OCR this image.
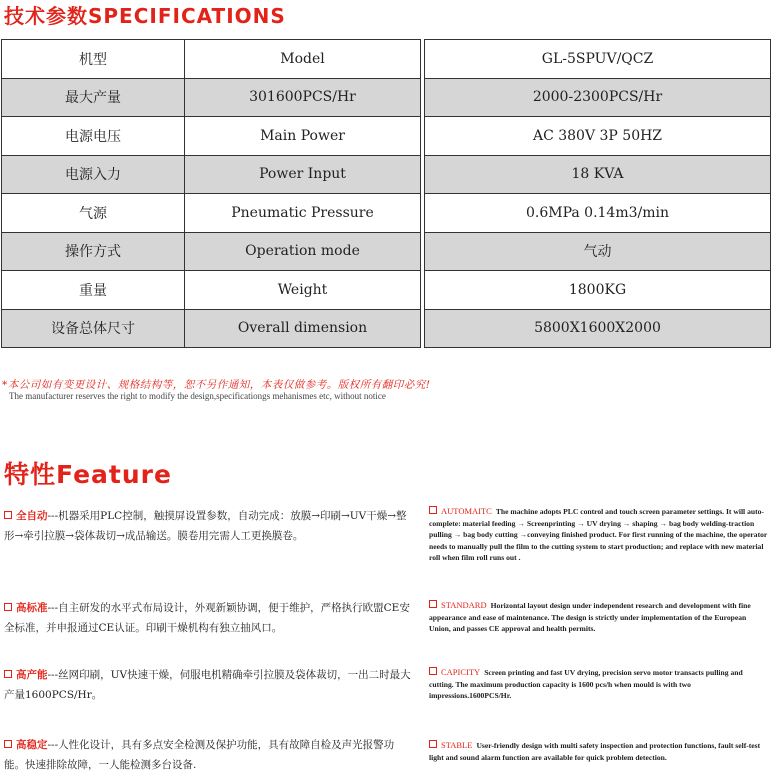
技术参数SPECIFICATIONS
机型	Model		GL-5SPUV/QCZ
最大产量	301600PCS/Hr		2000-2300PCS/Hr
电源电压	Main Power		AC 380V 3P 50HZ
电源入力	Power Input		18 KVA
气源	Pneumatic Pressure		0.6MPa 0.14m3/min
操作方式	Operation mode		气动
重量	Weight		1800KG
设备总体尺寸	Overall dimension		5800X1600X2000
*本公司如有变更设计、规格结构等，恕不另作通知，本表仅做参考。版权所有翻印必究!
The manufacturer reserves the right to modify the design,specificationgs mehanismes etc, without notice
特性Feature
全自动---机器采用PLC控制，触摸屏设置参数，自动完成：放膜→印刷→UV干燥→整形→牵引拉膜→袋体裁切→成品输送。膜卷用完需人工更换膜卷。
AUTOMAITC The machine adopts PLC control and touch screen parameter settings. It will auto-complete: material feeding → Screenprinting → UV drying → shaping → bag body welding-traction pulling → bag body cutting →conveying finished product. For first running of the machine, the operator needs to manually pull the film to the cutting system to start production; and replace with new material roll when film roll runs out .
高标准---自主研发的水平式布局设计，外观新颖协调，便于维护，严格执行欧盟CE安全标准，并申报通过CE认证。印刷干燥机构有独立抽风口。
STANDARD Horizontal layout design under independent research and development with fine appearance and ease of maintenance. The design is strictly under implementation of the European Union, and passes CE approval and health permits.
高产能---丝网印刷，UV快速干燥，伺服电机精确牵引拉膜及袋体裁切，一出二时最大产量1600PCS/Hr。
CAPICITY Screen printing and fast UV drying, precision servo motor transacts pulling and cutting. The maximum production capacity is 1600 pcs/h when mould is with two impressions.1600PCS/Hr.
高稳定---人性化设计，具有多点安全检测及保护功能，具有故障自检及声光报警功能。快速排除故障，一人能检测多台设备.
STABLE User-friendly design with multi safety inspection and protection functions, fault self-test light and sound alarm function are available for quick problem detection.
